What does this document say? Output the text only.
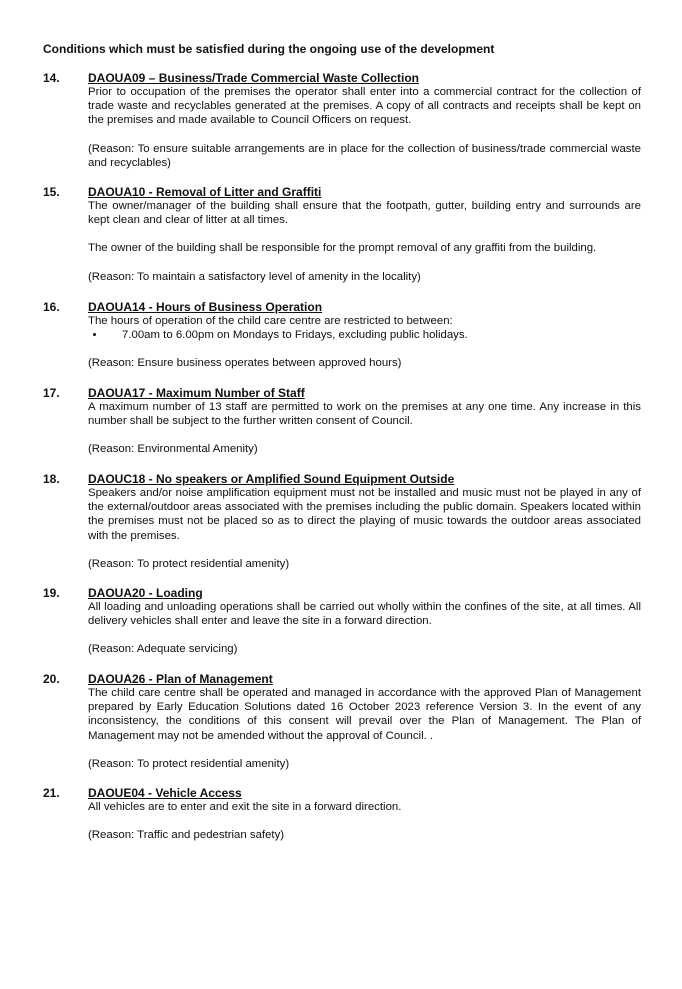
Conditions which must be satisfied during the ongoing use of the development
14. DAOUA09 – Business/Trade Commercial Waste Collection

Prior to occupation of the premises the operator shall enter into a commercial contract for the collection of trade waste and recyclables generated at the premises. A copy of all contracts and receipts shall be kept on the premises and made available to Council Officers on request.

(Reason: To ensure suitable arrangements are in place for the collection of business/trade commercial waste and recyclables)

15. DAOUA10 - Removal of Litter and Graffiti

The owner/manager of the building shall ensure that the footpath, gutter, building entry and surrounds are kept clean and clear of litter at all times.

The owner of the building shall be responsible for the prompt removal of any graffiti from the building.

(Reason: To maintain a satisfactory level of amenity in the locality)

16. DAOUA14 - Hours of Business Operation

The hours of operation of the child care centre are restricted to between:

• 7.00am to 6.00pm on Mondays to Fridays, excluding public holidays.

(Reason: Ensure business operates between approved hours)

17. DAOUA17 - Maximum Number of Staff

A maximum number of 13 staff are permitted to work on the premises at any one time. Any increase in this number shall be subject to the further written consent of Council.

(Reason: Environmental Amenity)

18. DAOUC18 - No speakers or Amplified Sound Equipment Outside

Speakers and/or noise amplification equipment must not be installed and music must not be played in any of the external/outdoor areas associated with the premises including the public domain. Speakers located within the premises must not be placed so as to direct the playing of music towards the outdoor areas associated with the premises.

(Reason: To protect residential amenity)

19. DAOUA20 - Loading

All loading and unloading operations shall be carried out wholly within the confines of the site, at all times. All delivery vehicles shall enter and leave the site in a forward direction.

(Reason: Adequate servicing)

20. DAOUA26 - Plan of Management

The child care centre shall be operated and managed in accordance with the approved Plan of Management prepared by Early Education Solutions dated 16 October 2023 reference Version 3. In the event of any inconsistency, the conditions of this consent will prevail over the Plan of Management. The Plan of Management may not be amended without the approval of Council. .

(Reason: To protect residential amenity)

21. DAOUE04 - Vehicle Access

All vehicles are to enter and exit the site in a forward direction.

(Reason: Traffic and pedestrian safety)
